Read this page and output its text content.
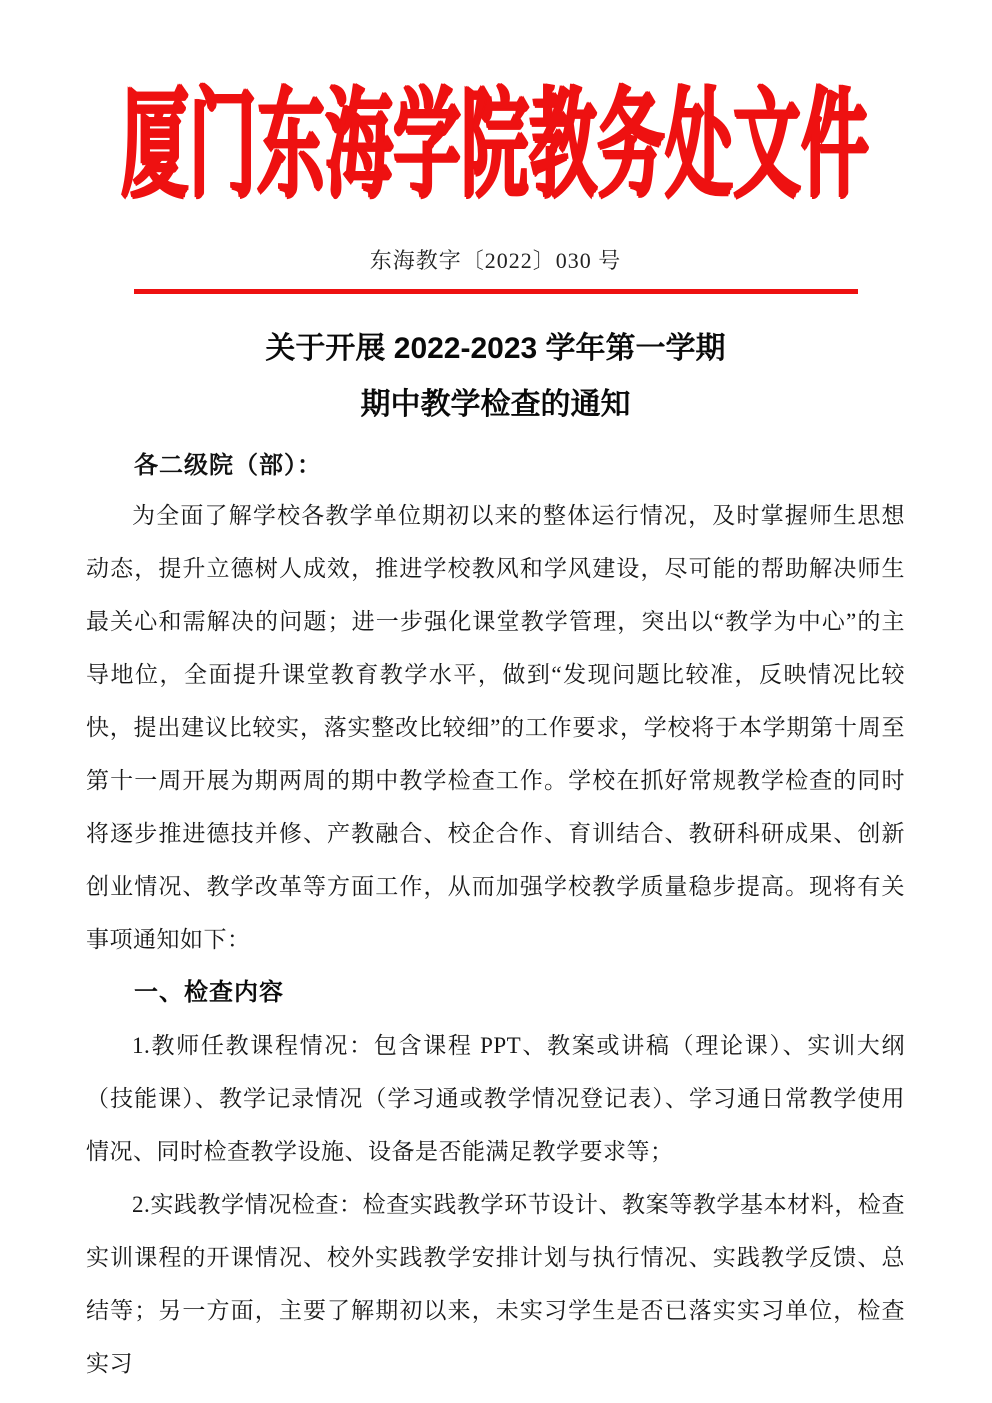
厦门东海学院教务处文件
东海教字〔2022〕030 号
关于开展 2022-2023 学年第一学期
期中教学检查的通知
各二级院（部）：

为全面了解学校各教学单位期初以来的整体运行情况，及时掌握师生思想动态，提升立德树人成效，推进学校教风和学风建设，尽可能的帮助解决师生最关心和需解决的问题；进一步强化课堂教学管理，突出以“教学为中心”的主导地位，全面提升课堂教育教学水平，做到“发现问题比较准，反映情况比较快，提出建议比较实，落实整改比较细”的工作要求，学校将于本学期第十周至第十一周开展为期两周的期中教学检查工作。学校在抓好常规教学检查的同时将逐步推进德技并修、产教融合、校企合作、育训结合、教研科研成果、创新创业情况、教学改革等方面工作，从而加强学校教学质量稳步提高。现将有关事项通知如下：

一、检查内容

1.教师任教课程情况：包含课程 PPT、教案或讲稿（理论课）、实训大纲（技能课）、教学记录情况（学习通或教学情况登记表）、学习通日常教学使用情况、同时检查教学设施、设备是否能满足教学要求等；

2.实践教学情况检查：检查实践教学环节设计、教案等教学基本材料，检查实训课程的开课情况、校外实践教学安排计划与执行情况、实践教学反馈、总结等；另一方面，主要了解期初以来，未实习学生是否已落实实习单位，检查实习
